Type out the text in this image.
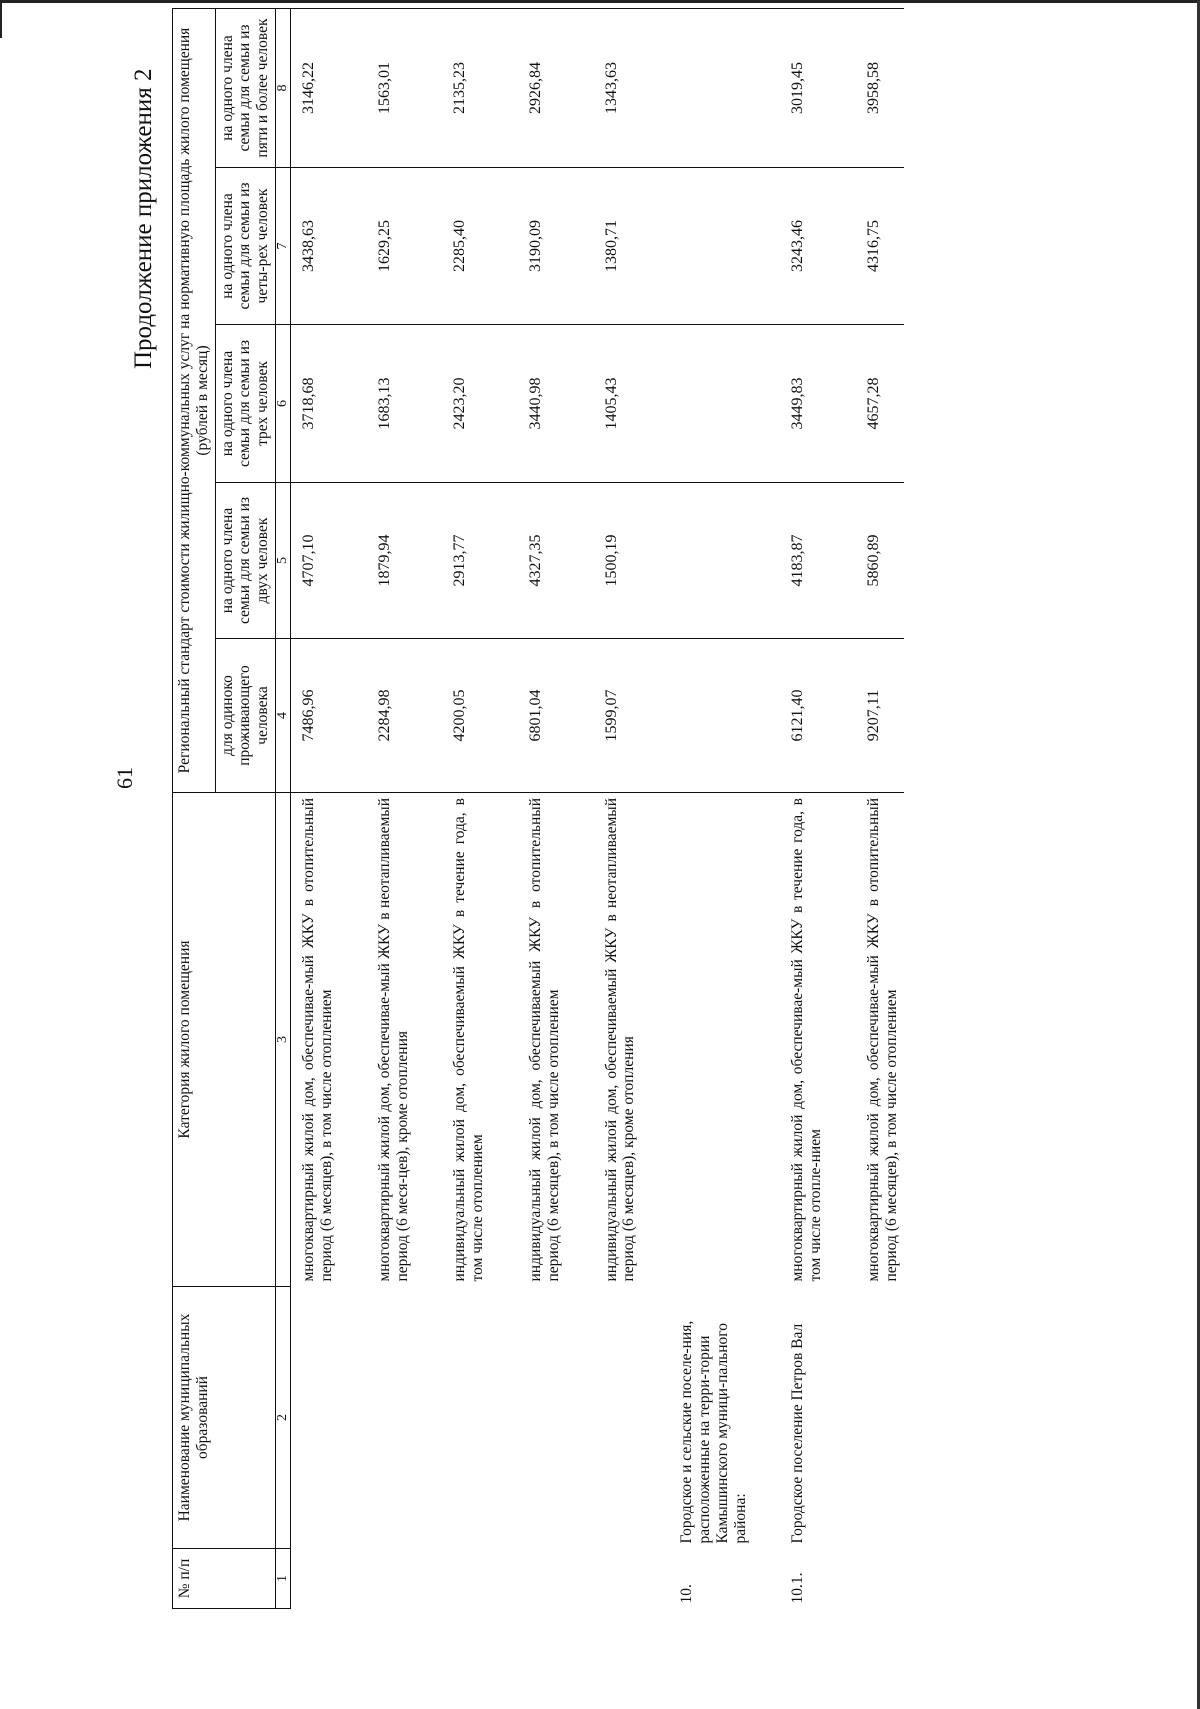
61
Продолжение приложения 2
№ п/п	Наименование муниципальных образований	Категория жилого помещения	Региональный стандарт стоимости жилищно-коммунальных услуг на нормативную площадь жилого помещения (рублей в месяц)				
			для одиноко проживающего человека	на одного члена семьи для семьи из двух человек	на одного члена семьи для семьи из трех человек	на одного члена семьи для семьи из четы-рех человек	на одного члена семьи для семьи из пяти и более человек
1	2	3	4	5	6	7	8

		многоквартирный жилой дом, обеспечивае-мый ЖКУ в отопительный период (6 месяцев), в том числе отоплением	7486,96	4707,10	3718,68	3438,63	3146,22

		многоквартирный жилой дом, обеспечивае-мый ЖКУ в неотапливаемый период (6 меся-цев), кроме отопления	2284,98	1879,94	1683,13	1629,25	1563,01

		индивидуальный жилой дом, обеспечиваемый ЖКУ в течение года, в том числе отоплением	4200,05	2913,77	2423,20	2285,40	2135,23

		индивидуальный жилой дом, обеспечиваемый ЖКУ в отопительный период (6 месяцев), в том числе отоплением	6801,04	4327,35	3440,98	3190,09	2926,84

		индивидуальный жилой дом, обеспечиваемый ЖКУ в неотапливаемый период (6 месяцев), кроме отопления	1599,07	1500,19	1405,43	1380,71	1343,63

10.	Городское и сельские поселе-ния, расположенные на терри-тории Камышинского муници-пального района:						

10.1.	Городское поселение Петров Вал	многоквартирный жилой дом, обеспечивае-мый ЖКУ в течение года, в том числе отопле-нием	6121,40	4183,87	3449,83	3243,46	3019,45

		многоквартирный жилой дом, обеспечивае-мый ЖКУ в отопительный период (6 месяцев), в том числе отоплением	9207,11	5860,89	4657,28	4316,75	3958,58
